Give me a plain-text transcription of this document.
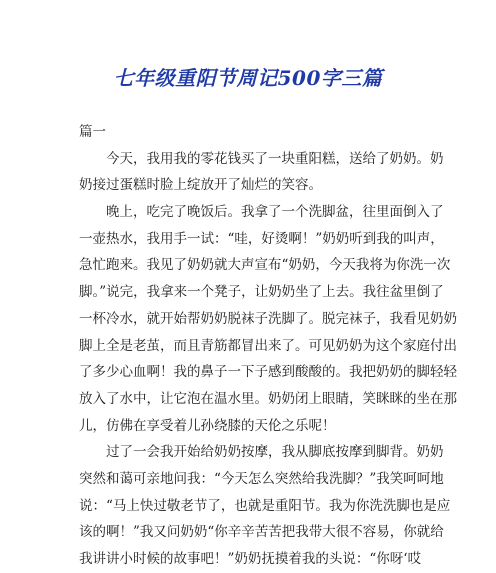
七年级重阳节周记500字三篇
篇一
今天，我用我的零花钱买了一块重阳糕，送给了奶奶。奶
奶接过蛋糕时脸上绽放开了灿烂的笑容。
晚上，吃完了晚饭后。我拿了一个洗脚盆，往里面倒入了
一壶热水，我用手一试：“哇，好烫啊！”奶奶听到我的叫声，
急忙跑来。我见了奶奶就大声宣布“奶奶，今天我将为你洗一次
脚。”说完，我拿来一个凳子，让奶奶坐了上去。我往盆里倒了
一杯冷水，就开始帮奶奶脱袜子洗脚了。脱完袜子，我看见奶奶
脚上全是老茧，而且青筋都冒出来了。可见奶奶为这个家庭付出
了多少心血啊！我的鼻子一下子感到酸酸的。我把奶奶的脚轻轻
放入了水中，让它泡在温水里。奶奶闭上眼睛，笑眯眯的坐在那
儿，仿佛在享受着儿孙绕膝的天伦之乐呢！
过了一会我开始给奶奶按摩，我从脚底按摩到脚背。奶奶
突然和蔼可亲地问我：“今天怎么突然给我洗脚？”我笑呵呵地
说：“马上快过敬老节了，也就是重阳节。我为你洗洗脚也是应
该的啊！”我又问奶奶“你辛辛苦苦把我带大很不容易，你就给
我讲讲小时候的故事吧！”奶奶抚摸着我的头说：“你呀‘哎
